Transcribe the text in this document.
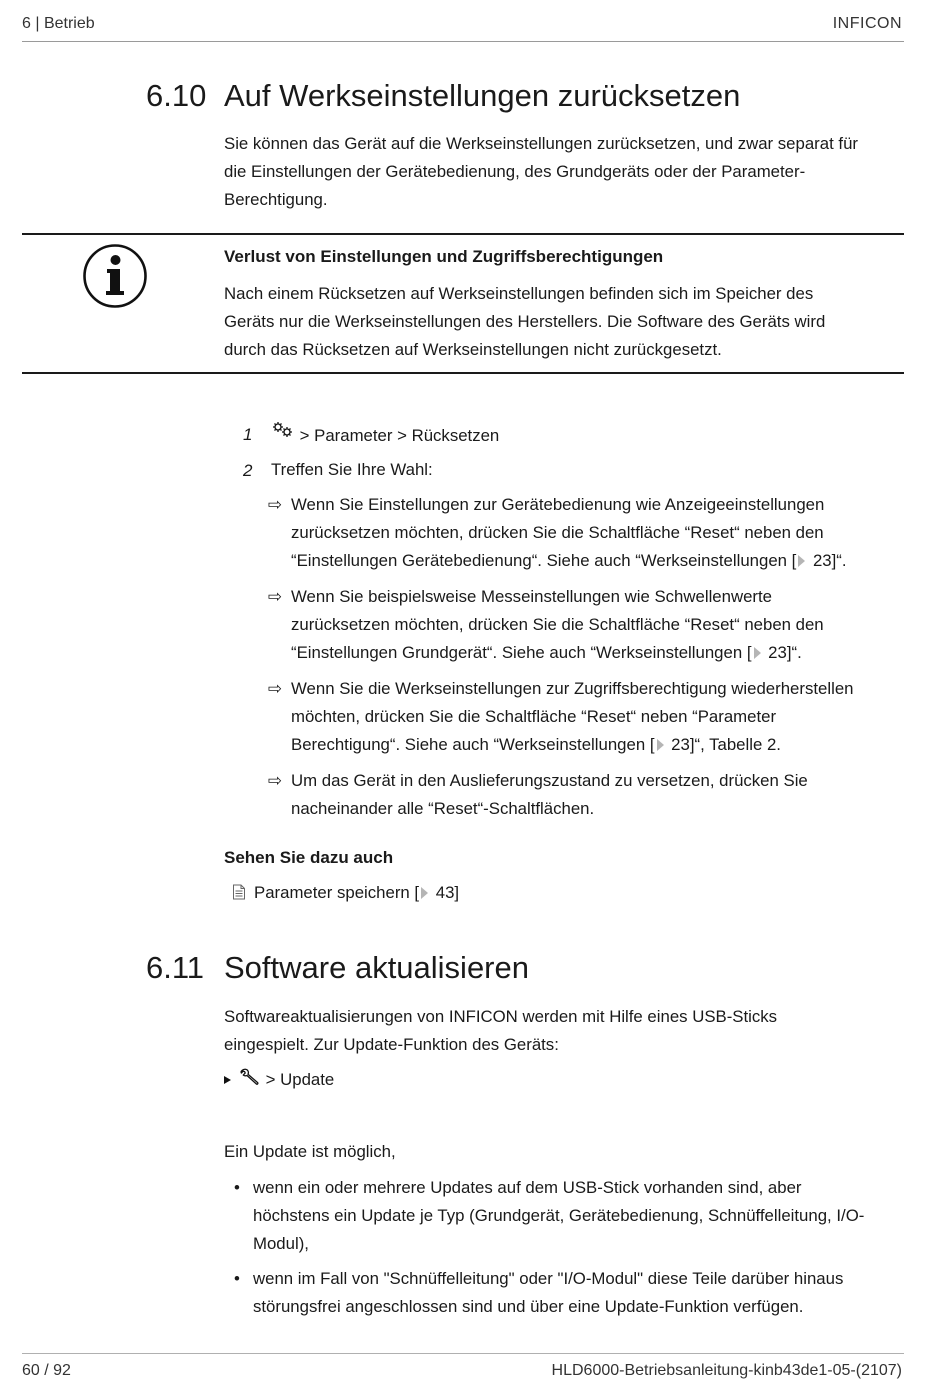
6 | Betrieb	INFICON
6.10 Auf Werkseinstellungen zurücksetzen
Sie können das Gerät auf die Werkseinstellungen zurücksetzen, und zwar separat für
die Einstellungen der Gerätebedienung, des Grundgeräts oder der Parameter-
Berechtigung.
Verlust von Einstellungen und Zugriffsberechtigungen
Nach einem Rücksetzen auf Werkseinstellungen befinden sich im Speicher des
Geräts nur die Werkseinstellungen des Herstellers. Die Software des Geräts wird
durch das Rücksetzen auf Werkseinstellungen nicht zurückgesetzt.
1	> Parameter > Rücksetzen
2 Treffen Sie Ihre Wahl:
⇨ Wenn Sie Einstellungen zur Gerätebedienung wie Anzeigeeinstellungen
zurücksetzen möchten, drücken Sie die Schaltfläche “Reset“ neben den
“Einstellungen Gerätebedienung“. Siehe auch “Werkseinstellungen [ 23]“.
⇨ Wenn Sie beispielsweise Messeinstellungen wie Schwellenwerte
zurücksetzen möchten, drücken Sie die Schaltfläche “Reset“ neben den
“Einstellungen Grundgerät“. Siehe auch “Werkseinstellungen [ 23]“.
⇨ Wenn Sie die Werkseinstellungen zur Zugriffsberechtigung wiederherstellen
möchten, drücken Sie die Schaltfläche “Reset“ neben “Parameter
Berechtigung“. Siehe auch “Werkseinstellungen [ 23]“, Tabelle 2.
⇨ Um das Gerät in den Auslieferungszustand zu versetzen, drücken Sie
nacheinander alle “Reset“-Schaltflächen.
Sehen Sie dazu auch
Parameter speichern [ 43]
6.11 Software aktualisieren
Softwareaktualisierungen von INFICON werden mit Hilfe eines USB-Sticks
eingespielt. Zur Update-Funktion des Geräts:
> Update
Ein Update ist möglich,
• wenn ein oder mehrere Updates auf dem USB-Stick vorhanden sind, aber
höchstens ein Update je Typ (Grundgerät, Gerätebedienung, Schnüffelleitung, I/O-
Modul),
• wenn im Fall von "Schnüffelleitung" oder "I/O-Modul" diese Teile darüber hinaus
störungsfrei angeschlossen sind und über eine Update-Funktion verfügen.
60 / 92	HLD6000-Betriebsanleitung-kinb43de1-05-(2107)
